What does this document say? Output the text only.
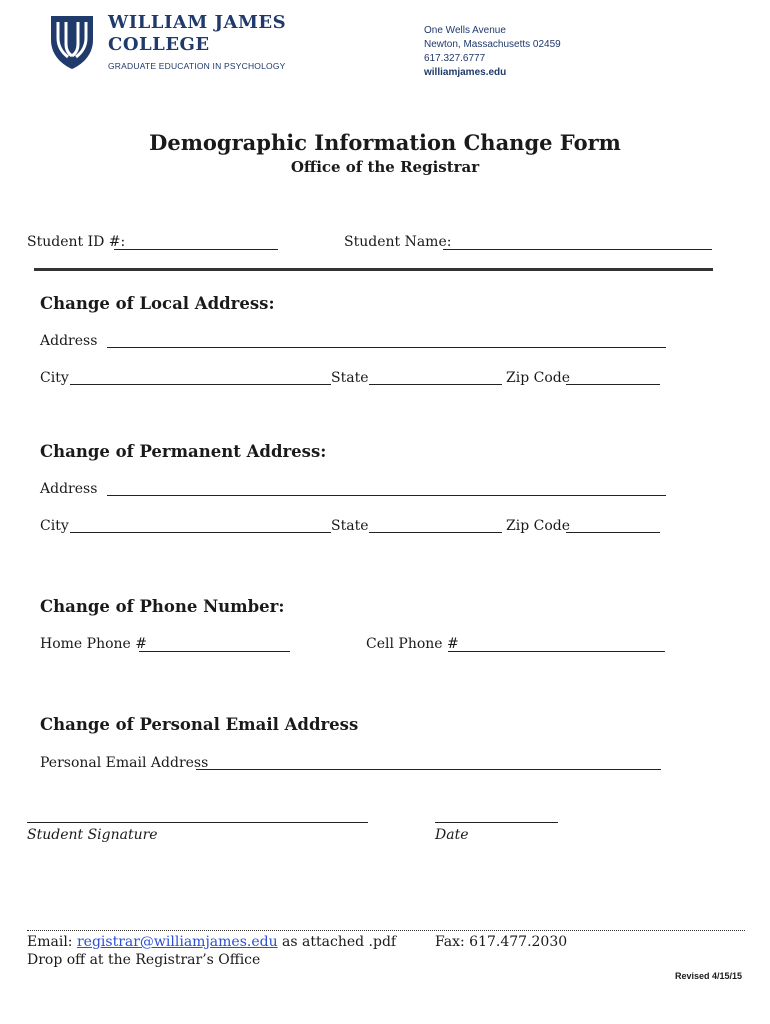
WILLIAM JAMES
COLLEGE
GRADUATE EDUCATION IN PSYCHOLOGY
One Wells Avenue
Newton, Massachusetts 02459
617.327.6777
williamjames.edu
Demographic Information Change Form
Office of the Registrar
Student ID #:	Student Name:
Change of Local Address:
Address
City	State	Zip Code
Change of Permanent Address:
Address
City	State	Zip Code
Change of Phone Number:
Home Phone #	Cell Phone #
Change of Personal Email Address
Personal Email Address
Student Signature	Date
Email: registrar@williamjames.edu as attached .pdf
Drop off at the Registrar’s Office
Fax: 617.477.2030
Revised 4/15/15
